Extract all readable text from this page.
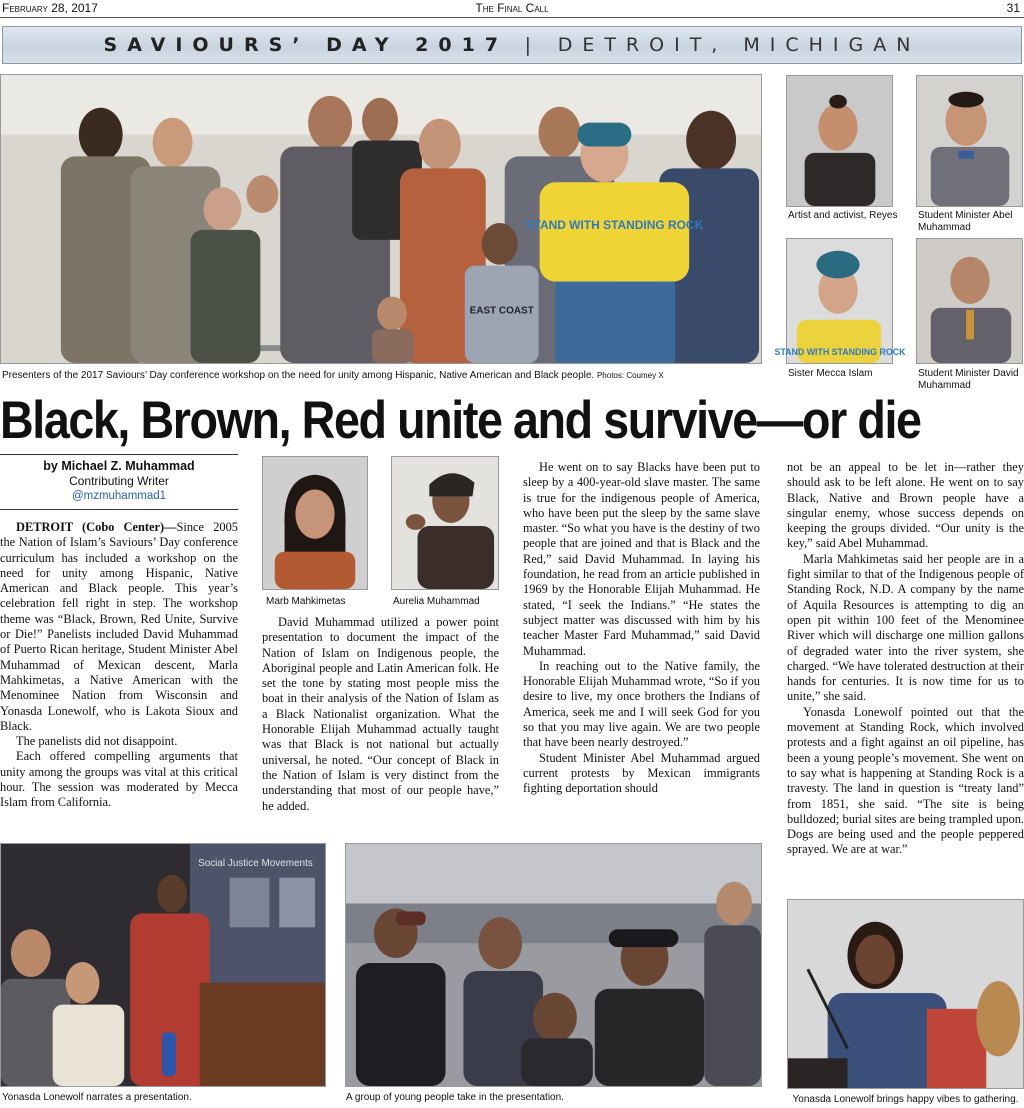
February 28, 2017	The Final Call	31
SAVIOURS’ DAY 2017 | DETROIT, MICHIGAN
STAND WITH STANDING ROCK
EAST COAST
Artist and activist, Reyes Student Minister Abel Muhammad
STAND WITH STANDING ROCK
Sister Mecca Islam	Student Minister David Muhammad
Presenters of the 2017 Saviours’ Day conference workshop on the need for unity among Hispanic, Native American and Black people. Photos: Coumey X
Black, Brown, Red unite and survive—or die
by Michael Z. Muhammad
Contributing Writer
@mzmuhammad1

DETROIT (Cobo Center)—Since 2005 the Nation of Islam’s Saviours’ Day conference curriculum has included a workshop on the need for unity among Hispanic, Native American and Black people. This year’s celebration fell right in step. The workshop theme was “Black, Brown, Red Unite, Survive or Die!” Panelists included David Muhammad of Puerto Rican heritage, Student Minister Abel Muhammad of Mexican descent, Marla Mahkimetas, a Native American with the Menominee Nation from Wisconsin and Yonasda Lonewolf, who is Lakota Sioux and Black.

The panelists did not disappoint.

Each offered compelling arguments that unity among the groups was vital at this critical hour. The session was moderated by Mecca Islam from California.

Marb Mahkimetas	Aurelia Muhammad

David Muhammad utilized a power point presentation to document the impact of the Nation of Islam on Indigenous people, the Aboriginal people and Latin American folk. He set the tone by stating most people miss the boat in their analysis of the Nation of Islam as a Black Nationalist organization. What the Honorable Elijah Muhammad actually taught was that Black is not national but actually universal, he noted. “Our concept of Black in the Nation of Islam is very distinct from the understanding that most of our people have,” he added.

He went on to say Blacks have been put to sleep by a 400-year-old slave master. The same is true for the indigenous people of America, who have been put the sleep by the same slave master. “So what you have is the destiny of two people that are joined and that is Black and the Red,” said David Muhammad. In laying his foundation, he read from an article published in 1969 by the Honorable Elijah Muhammad. He stated, “I seek the Indians.” “He states the subject matter was discussed with him by his teacher Master Fard Muhammad,” said David Muhammad.

In reaching out to the Native family, the Honorable Elijah Muhammad wrote, “So if you desire to live, my once brothers the Indians of America, seek me and I will seek God for you so that you may live again. We are two people that have been nearly destroyed.”

Student Minister Abel Muhammad argued current protests by Mexican immigrants fighting deportation should

not be an appeal to be let in—rather they should ask to be left alone. He went on to say Black, Native and Brown people have a singular enemy, whose success depends on keeping the groups divided. “Our unity is the key,” said Abel Muhammad.

Marla Mahkimetas said her people are in a fight similar to that of the Indigenous people of Standing Rock, N.D. A company by the name of Aquila Resources is attempting to dig an open pit within 100 feet of the Menominee River which will discharge one million gallons of degraded water into the river system, she charged. “We have tolerated destruction at their hands for centuries. It is now time for us to unite,” she said.

Yonasda Lonewolf pointed out that the movement at Standing Rock, which involved protests and a fight against an oil pipeline, has been a young people’s movement. She went on to say what is happening at Standing Rock is a travesty. The land in question is “treaty land” from 1851, she said. “The site is being bulldozed; burial sites are being trampled upon. Dogs are being used and the people peppered sprayed. We are at war.”

Social Justice Movements
Yonasda Lonewolf narrates a presentation.	A group of young people take in the presentation.	Yonasda Lonewolf brings happy vibes to gathering.
